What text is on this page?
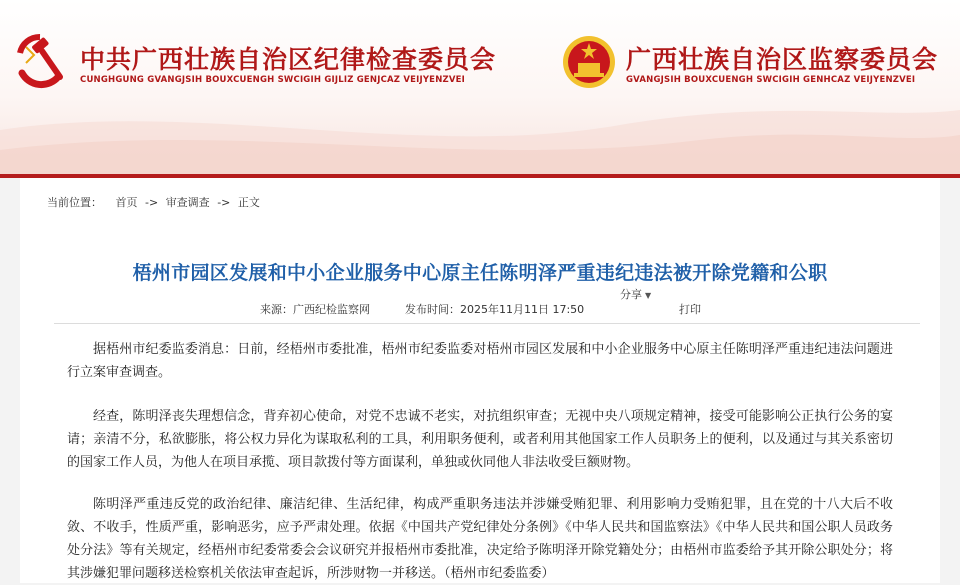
中共广西壮族自治区纪律检查委员会
CUNGHGUNG GVANGJSIH BOUXCUENGH SWCIGIH GIJLIZ GENJCAZ VEIJYENZVEI
广西壮族自治区监察委员会
GVANGJSIH BOUXCUENGH SWCIGIH GENHCAZ VEIJYENZVEI
当前位置： 首页 -> 审查调查 -> 正文
梧州市园区发展和中小企业服务中心原主任陈明泽严重违纪违法被开除党籍和公职
分享 ▼
来源：广西纪检监察网	发布时间：2025年11月11日 17:50	打印

据梧州市纪委监委消息：日前，经梧州市委批准，梧州市纪委监委对梧州市园区发展和中小企业服务中心原主任陈明泽严重违纪违法问题进行立案审查调查。

经查，陈明泽丧失理想信念，背弃初心使命，对党不忠诚不老实，对抗组织审查；无视中央八项规定精神，接受可能影响公正执行公务的宴请；亲清不分，私欲膨胀，将公权力异化为谋取私利的工具，利用职务便利，或者利用其他国家工作人员职务上的便利，以及通过与其关系密切的国家工作人员，为他人在项目承揽、项目款拨付等方面谋利，单独或伙同他人非法收受巨额财物。

陈明泽严重违反党的政治纪律、廉洁纪律、生活纪律，构成严重职务违法并涉嫌受贿犯罪、利用影响力受贿犯罪，且在党的十八大后不收敛、不收手，性质严重，影响恶劣，应予严肃处理。依据《中国共产党纪律处分条例》《中华人民共和国监察法》《中华人民共和国公职人员政务处分法》等有关规定，经梧州市纪委常委会会议研究并报梧州市委批准，决定给予陈明泽开除党籍处分；由梧州市监委给予其开除公职处分；将其涉嫌犯罪问题移送检察机关依法审查起诉，所涉财物一并移送。（梧州市纪委监委）
